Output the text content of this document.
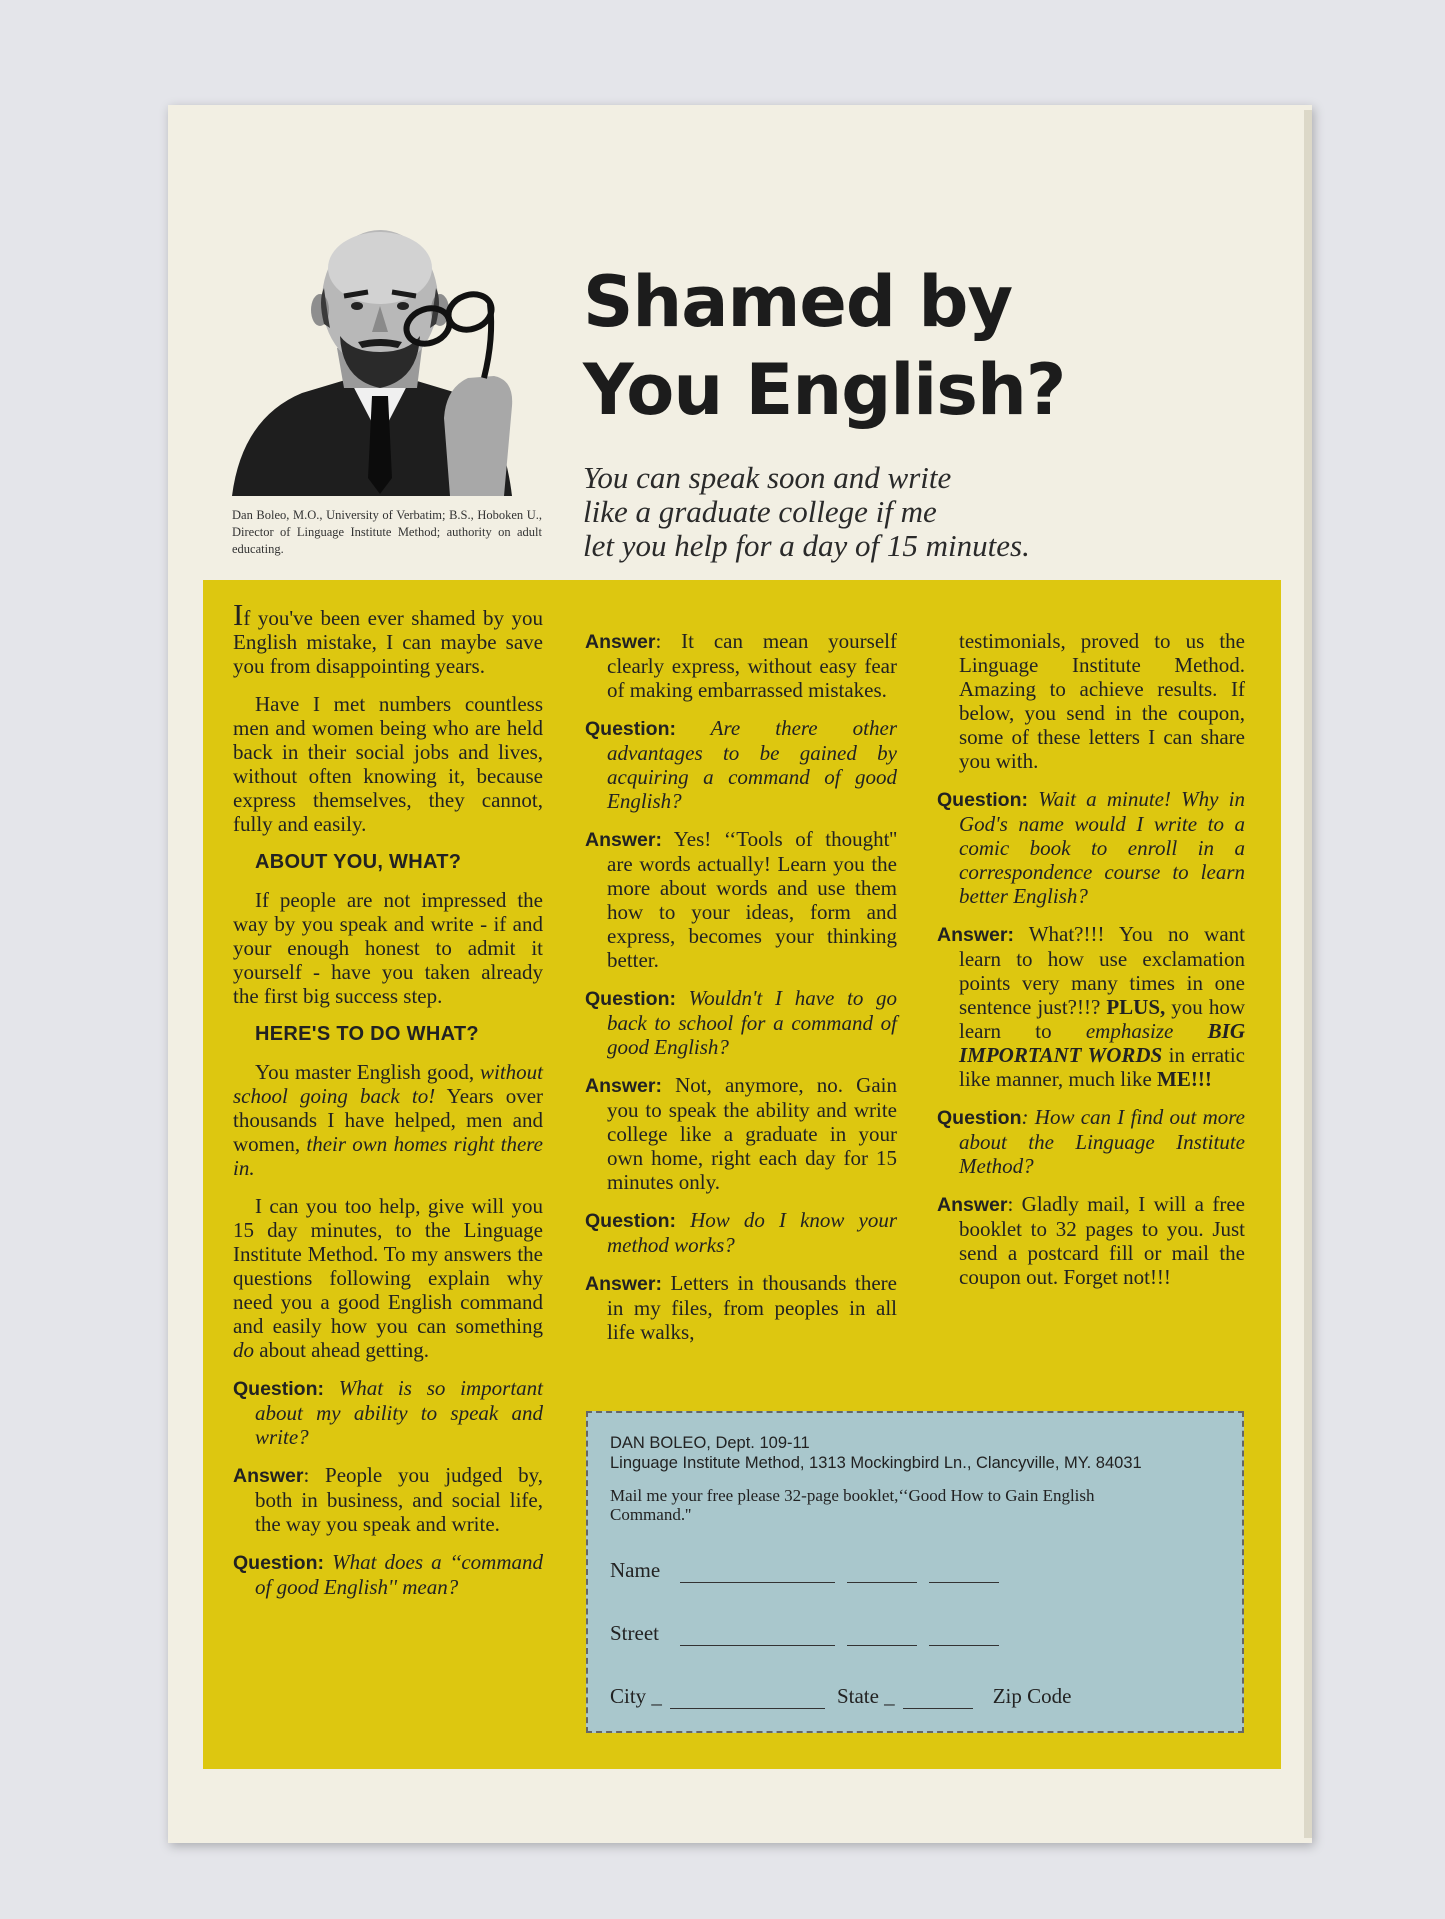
Dan Boleo, M.O., University of Verbatim; B.S., Hoboken U., Director of Linguage Institute Method; authority on adult educating.
Shamed by
You English?
You can speak soon and write
like a graduate college if me
let you help for a day of 15 minutes.

If you've been ever shamed by you English mistake, I can maybe save you from disappointing years.

Have I met numbers countless men and women being who are held back in their social jobs and lives, without often knowing it, because express themselves, they cannot, fully and easily.

ABOUT YOU, WHAT?

If people are not impressed the way by you speak and write - if and your enough honest to admit it yourself - have you taken already the first big success step.

HERE'S TO DO WHAT?

You master English good, without school going back to! Years over thousands I have helped, men and women, their own homes right there in.

I can you too help, give will you 15 day minutes, to the Linguage Institute Method. To my answers the questions following explain why need you a good English command and easily how you can something do about ahead getting.

Question: What is so important about my ability to speak and write?

Answer: People you judged by, both in business, and social life, the way you speak and write.

Question: What does a ‘‘command of good English'' mean?

Answer: It can mean yourself clearly express, without easy fear of making embarrassed mistakes.

Question: Are there other advantages to be gained by acquiring a command of good English?

Answer: Yes! ‘‘Tools of thought'' are words actually! Learn you the more about words and use them how to your ideas, form and express, becomes your thinking better.

Question: Wouldn't I have to go back to school for a command of good English?

Answer: Not, anymore, no. Gain you to speak the ability and write college like a graduate in your own home, right each day for 15 minutes only.

Question: How do I know your method works?

Answer: Letters in thousands there in my files, from peoples in all life walks,

testimonials, proved to us the Linguage Institute Method. Amazing to achieve results. If below, you send in the coupon, some of these letters I can share you with.

Question: Wait a minute! Why in God's name would I write to a comic book to enroll in a correspondence course to learn better English?

Answer: What?!!! You no want learn to how use exclamation points very many times in one sentence just?!!? PLUS, you how learn to emphasize BIG IMPORTANT WORDS in erratic like manner, much like ME!!!

Question: How can I find out more about the Linguage Institute Method?

Answer: Gladly mail, I will a free booklet to 32 pages to you. Just send a postcard fill or mail the coupon out. Forget not!!!

DAN BOLEO, Dept. 109-11
Linguage Institute Method, 1313 Mockingbird Ln., Clancyville, MY. 84031
Mail me your free please 32-page booklet,‘‘Good How to Gain English Command.''
Name
Street
City _	State _	Zip Code
